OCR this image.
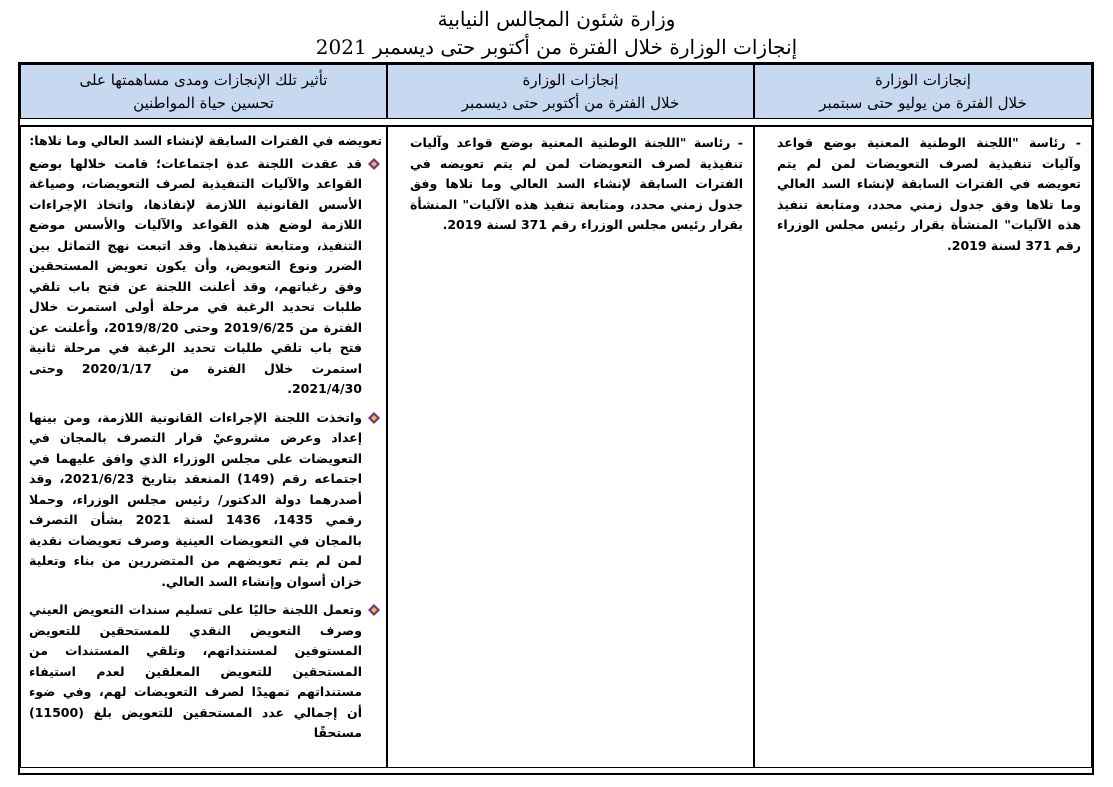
وزارة شئون المجالس النيابية
إنجازات الوزارة خلال الفترة من أكتوبر حتى ديسمبر 2021
إنجازات الوزارة
خلال الفترة من يوليو حتى سبتمبر
إنجازات الوزارة
خلال الفترة من أكتوبر حتى ديسمبر
تأثير تلك الإنجازات ومدى مساهمتها على
تحسين حياة المواطنين
- رئاسة "اللجنة الوطنية المعنية بوضع قواعد وآليات تنفيذية لصرف التعويضات لمن لم يتم تعويضه في الفترات السابقة لإنشاء السد العالي وما تلاها وفق جدول زمني محدد، ومتابعة تنفيذ هذه الآليات" المنشأة بقرار رئيس مجلس الوزراء رقم 371 لسنة 2019.
- رئاسة "اللجنة الوطنية المعنية بوضع قواعد وآليات تنفيذية لصرف التعويضات لمن لم يتم تعويضه في الفترات السابقة لإنشاء السد العالي وما تلاها وفق جدول زمني محدد، ومتابعة تنفيذ هذه الآليات" المنشأة بقرار رئيس مجلس الوزراء رقم 371 لسنة 2019.
تعويضه في الفترات السابقة لإنشاء السد العالي وما تلاها:
قد عقدت اللجنة عدة اجتماعات؛ قامت خلالها بوضع القواعد والآليات التنفيذية لصرف التعويضات، وصياغة الأسس القانونية اللازمة لإنفاذها، واتخاذ الإجراءات اللازمة لوضع هذه القواعد والآليات والأسس موضع التنفيذ، ومتابعة تنفيذها. وقد اتبعت نهج التماثل بين الضرر ونوع التعويض، وأن يكون تعويض المستحقين وفق رغباتهم، وقد أعلنت اللجنة عن فتح باب تلقي طلبات تحديد الرغبة في مرحلة أولى استمرت خلال الفترة من 2019/6/25 وحتى 2019/8/20، وأعلنت عن فتح باب تلقي طلبات تحديد الرغبة في مرحلة ثانية استمرت خلال الفترة من 2020/1/17 وحتى 2021/4/30.
واتخذت اللجنة الإجراءات القانونية اللازمة، ومن بينها إعداد وعرض مشروعيْ قرار التصرف بالمجان في التعويضات على مجلس الوزراء الذي وافق عليهما في اجتماعه رقم (149) المنعقد بتاريخ 2021/6/23، وقد أصدرهما دولة الدكتور/ رئيس مجلس الوزراء، وحملا رقمي 1435، 1436 لسنة 2021 بشأن التصرف بالمجان في التعويضات العينية وصرف تعويضات نقدية لمن لم يتم تعويضهم من المتضررين من بناء وتعلية خزان أسوان وإنشاء السد العالي.
وتعمل اللجنة حاليًا على تسليم سندات التعويض العيني وصرف التعويض النقدي للمستحقين للتعويض المستوفين لمستنداتهم، وتلقي المستندات من المستحقين للتعويض المعلقين لعدم استيفاء مستنداتهم تمهيدًا لصرف التعويضات لهم، وفي ضوء أن إجمالي عدد المستحقين للتعويض بلغ (11500) مستحقًا
